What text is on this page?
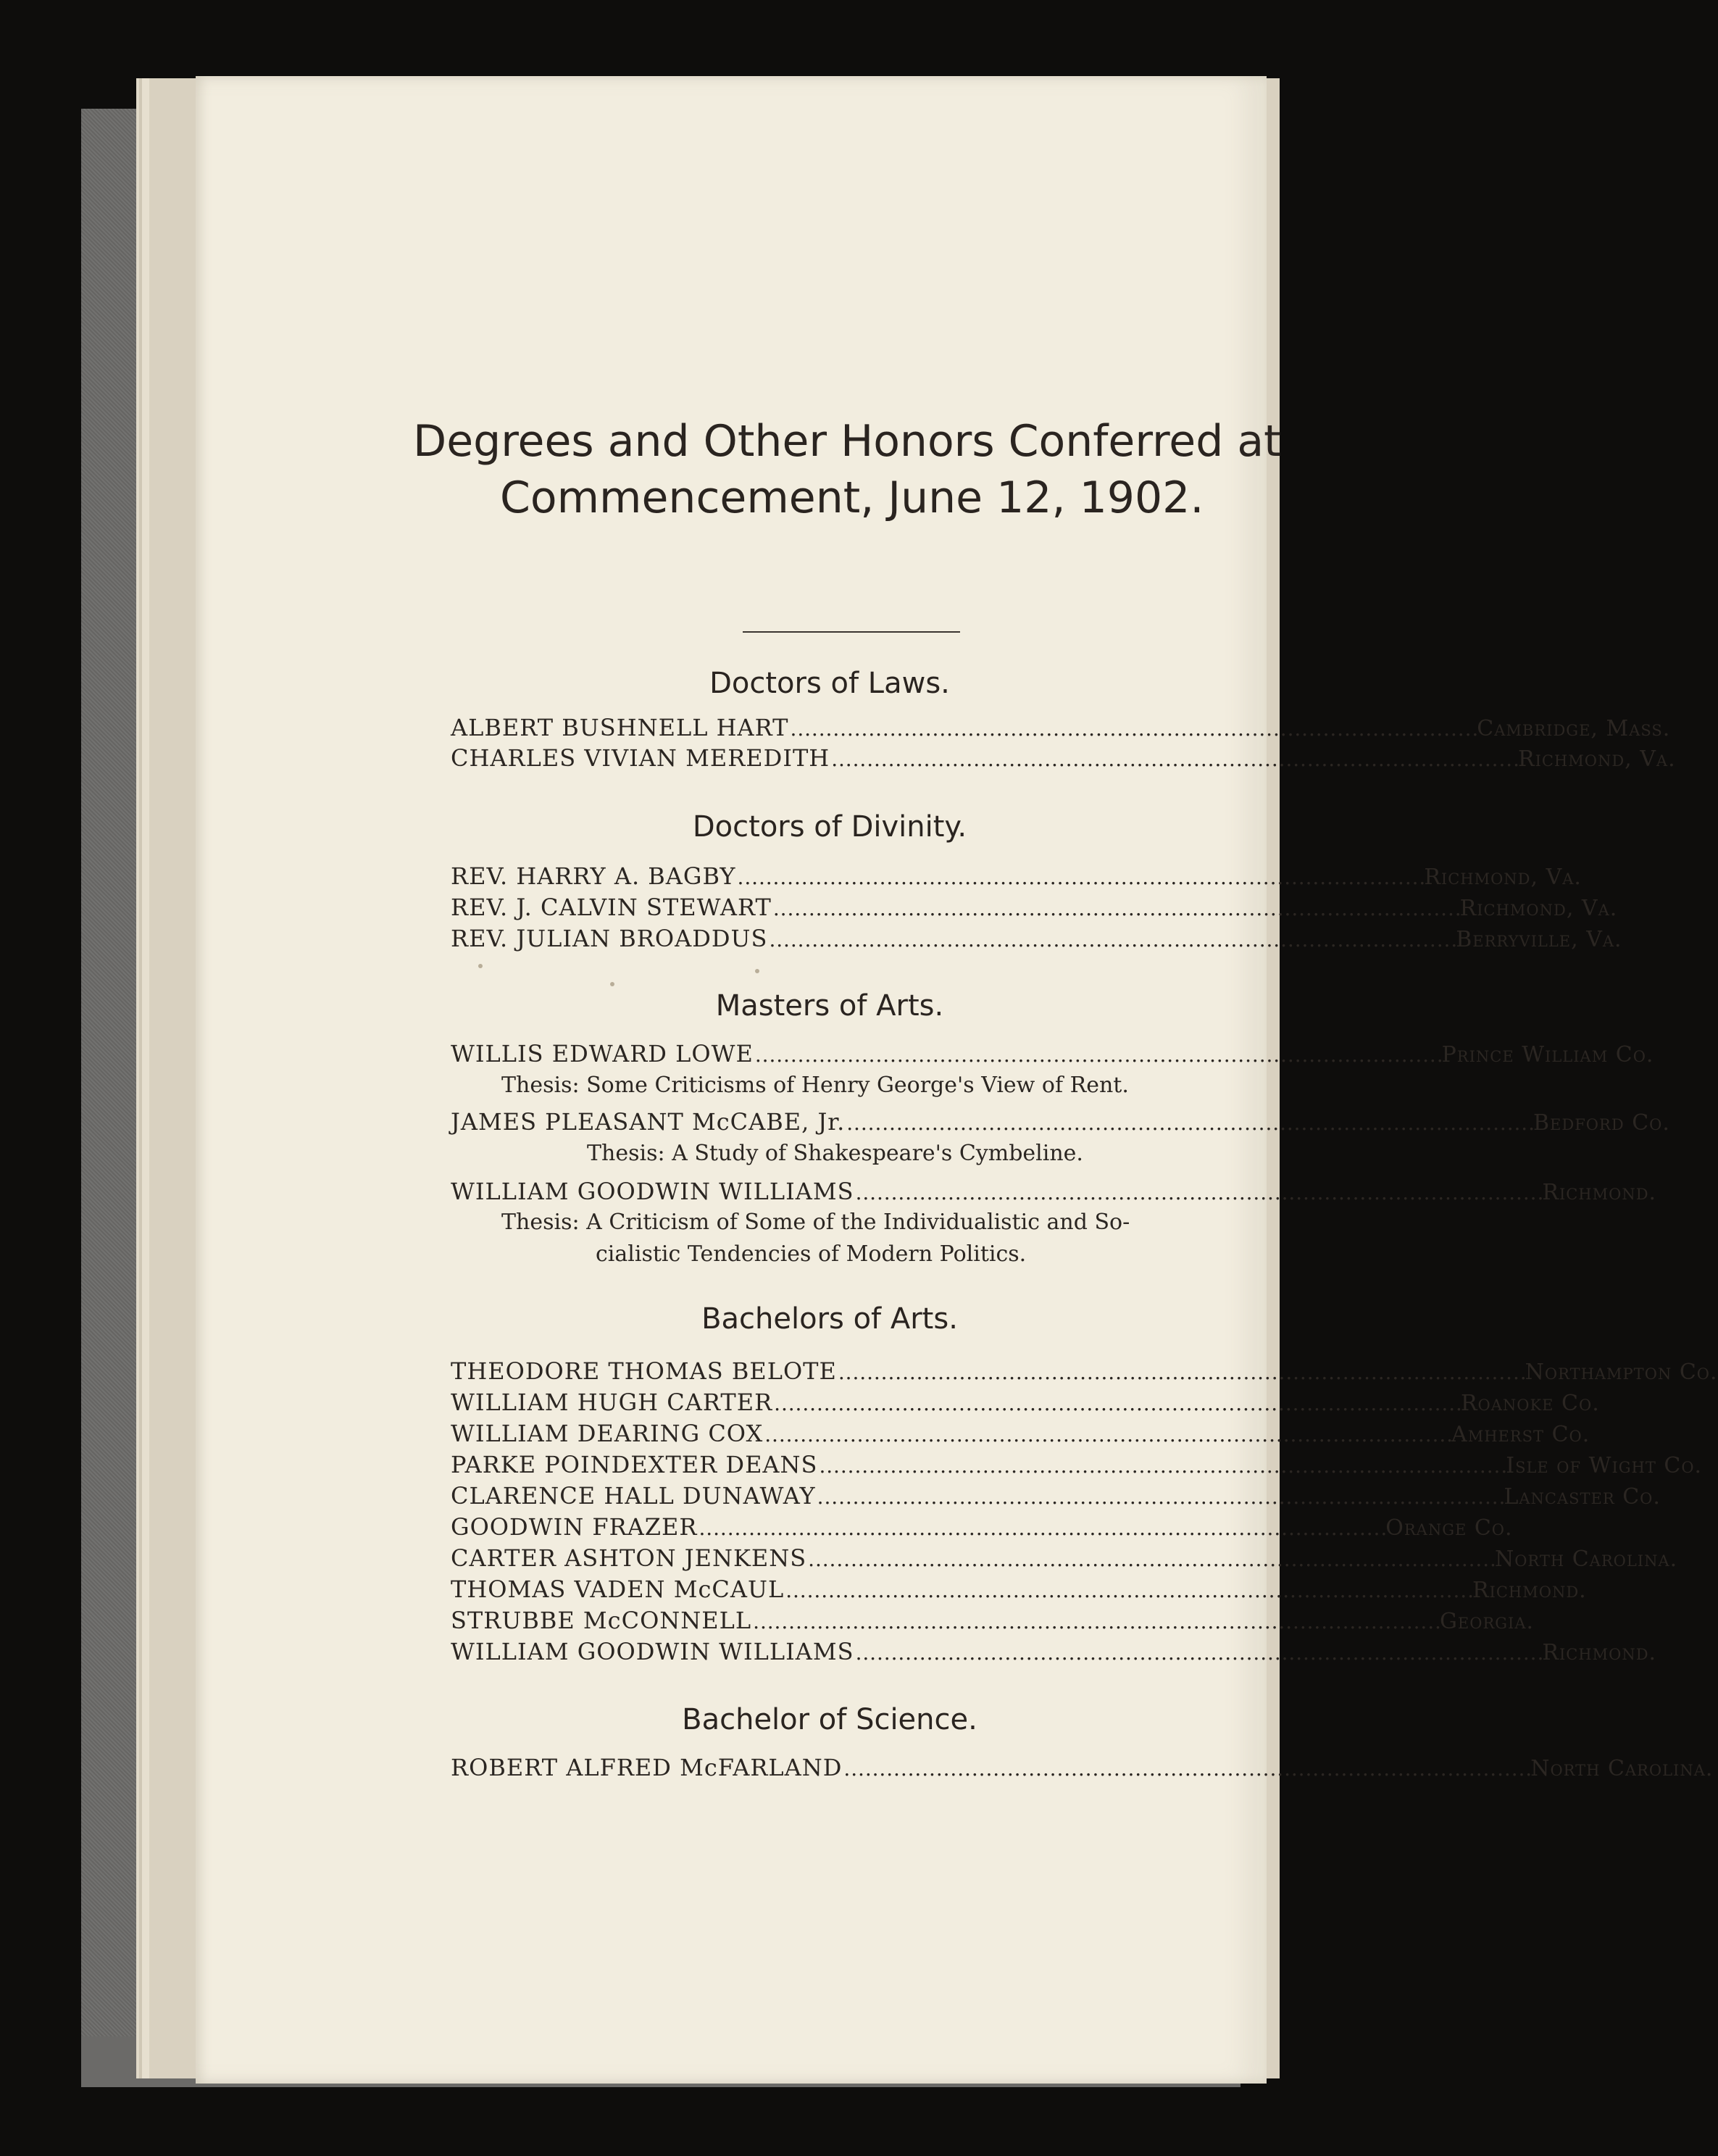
Degrees and Other Honors Conferred at
Commencement, June 12, 1902.
Doctors of Laws.
ALBERT BUSHNELL HART . . .	Cambridge, Mass.
CHARLES VIVIAN MEREDITH . . .	Richmond, Va.
Doctors of Divinity.
REV. HARRY A. BAGBY . . .	Richmond, Va.
REV. J. CALVIN STEWART . . .	Richmond, Va.
REV. JULIAN BROADDUS . . .	Berryville, Va.
Masters of Arts.
WILLIS EDWARD LOWE . . .	Prince William Co.
Thesis: Some Criticisms of Henry George's View of Rent.
JAMES PLEASANT McCABE, Jr. . . .	Bedford Co.
Thesis: A Study of Shakespeare's Cymbeline.
WILLIAM GOODWIN WILLIAMS . . .	Richmond.
Thesis: A Criticism of Some of the Individualistic and So-
cialistic Tendencies of Modern Politics.
Bachelors of Arts.
THEODORE THOMAS BELOTE . . .	Northampton Co.
WILLIAM HUGH CARTER . . .	Roanoke Co.
WILLIAM DEARING COX . . .	Amherst Co.
PARKE POINDEXTER DEANS . . .	Isle of Wight Co.
CLARENCE HALL DUNAWAY . . .	Lancaster Co.
GOODWIN FRAZER . . .	Orange Co.
CARTER ASHTON JENKENS . . .	North Carolina.
THOMAS VADEN McCAUL . . .	Richmond.
STRUBBE McCONNELL . . .	Georgia.
WILLIAM GOODWIN WILLIAMS . . .	Richmond.
Bachelor of Science.
ROBERT ALFRED McFARLAND . . .	North Carolina.
